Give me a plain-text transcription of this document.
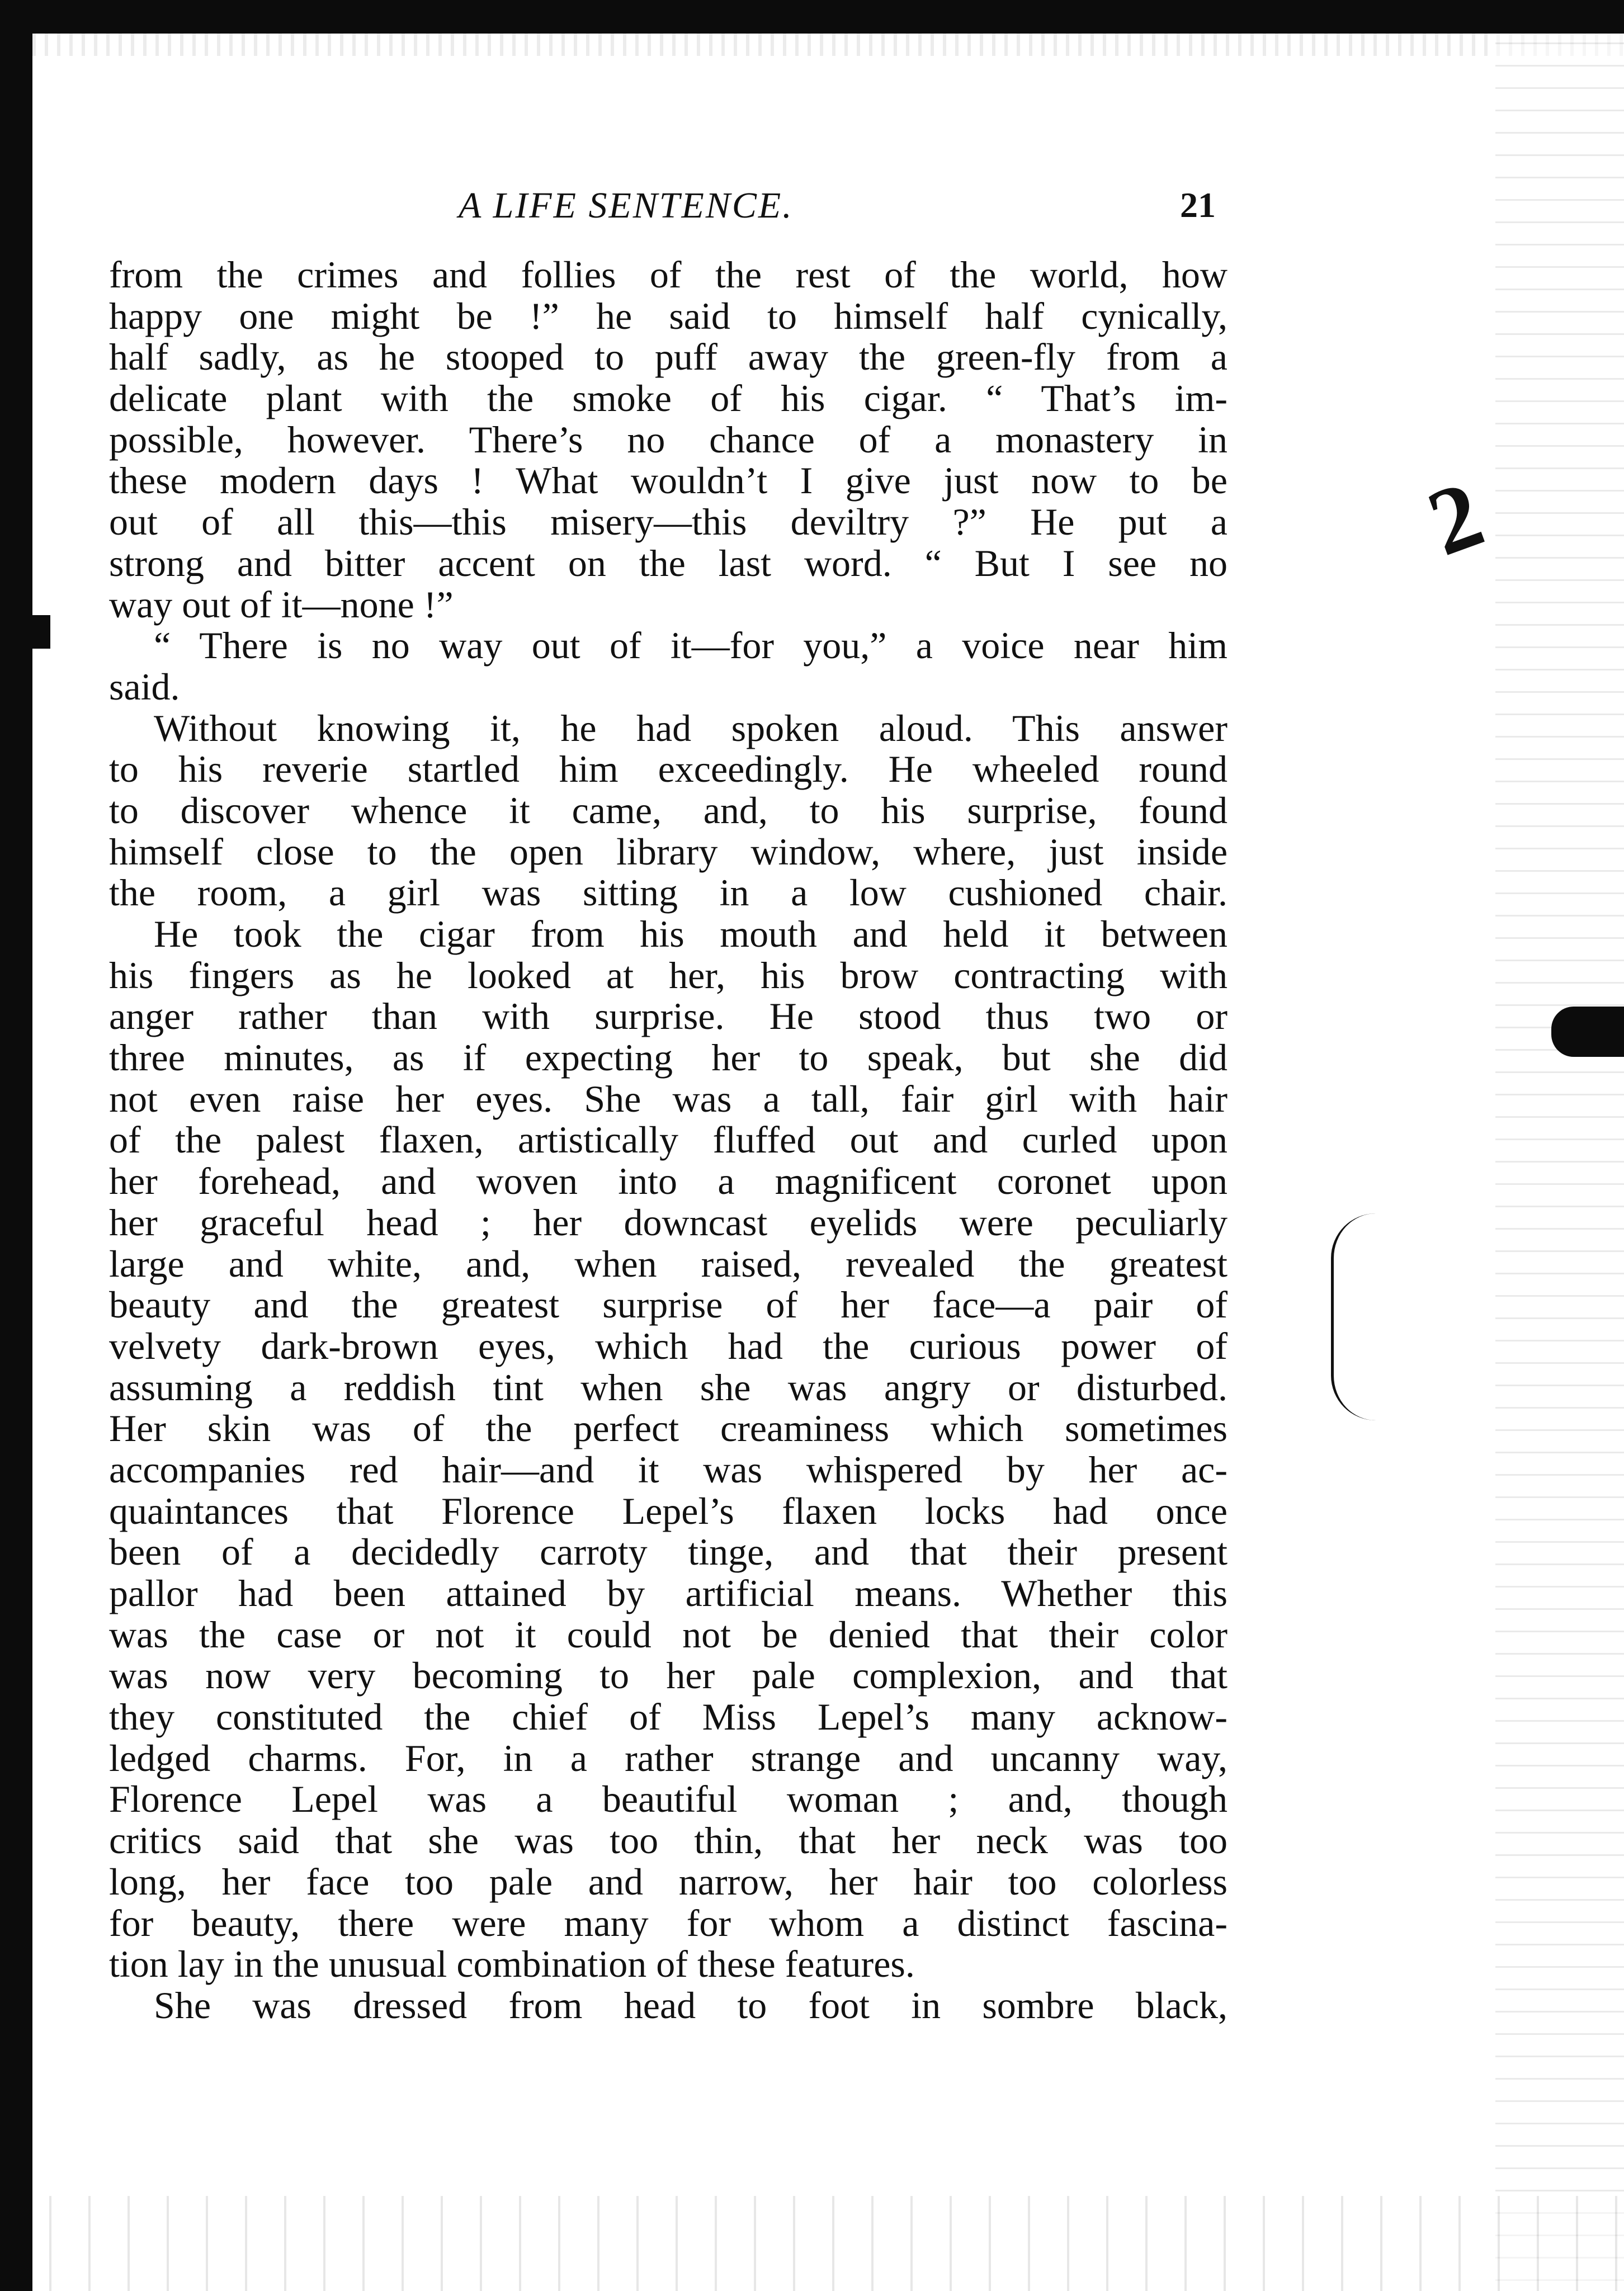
2
A LIFE SENTENCE.	21
from the crimes and follies of the rest of the world, how
happy one might be !” he said to himself half cynically,
half sadly, as he stooped to puff away the green-fly from a
delicate plant with the smoke of his cigar. “ That’s im-
possible, however. There’s no chance of a monastery in
these modern days ! What wouldn’t I give just now to be
out of all this—this misery—this deviltry ?” He put a
strong and bitter accent on the last word. “ But I see no
way out of it—none !”
“ There is no way out of it—for you,” a voice near him
said.
Without knowing it, he had spoken aloud. This answer
to his reverie startled him exceedingly. He wheeled round
to discover whence it came, and, to his surprise, found
himself close to the open library window, where, just inside
the room, a girl was sitting in a low cushioned chair.
He took the cigar from his mouth and held it between
his fingers as he looked at her, his brow contracting with
anger rather than with surprise. He stood thus two or
three minutes, as if expecting her to speak, but she did
not even raise her eyes. She was a tall, fair girl with hair
of the palest flaxen, artistically fluffed out and curled upon
her forehead, and woven into a magnificent coronet upon
her graceful head ; her downcast eyelids were peculiarly
large and white, and, when raised, revealed the greatest
beauty and the greatest surprise of her face—a pair of
velvety dark-brown eyes, which had the curious power of
assuming a reddish tint when she was angry or disturbed.
Her skin was of the perfect creaminess which sometimes
accompanies red hair—and it was whispered by her ac-
quaintances that Florence Lepel’s flaxen locks had once
been of a decidedly carroty tinge, and that their present
pallor had been attained by artificial means. Whether this
was the case or not it could not be denied that their color
was now very becoming to her pale complexion, and that
they constituted the chief of Miss Lepel’s many acknow-
ledged charms. For, in a rather strange and uncanny way,
Florence Lepel was a beautiful woman ; and, though
critics said that she was too thin, that her neck was too
long, her face too pale and narrow, her hair too colorless
for beauty, there were many for whom a distinct fascina-
tion lay in the unusual combination of these features.
She was dressed from head to foot in sombre black,
